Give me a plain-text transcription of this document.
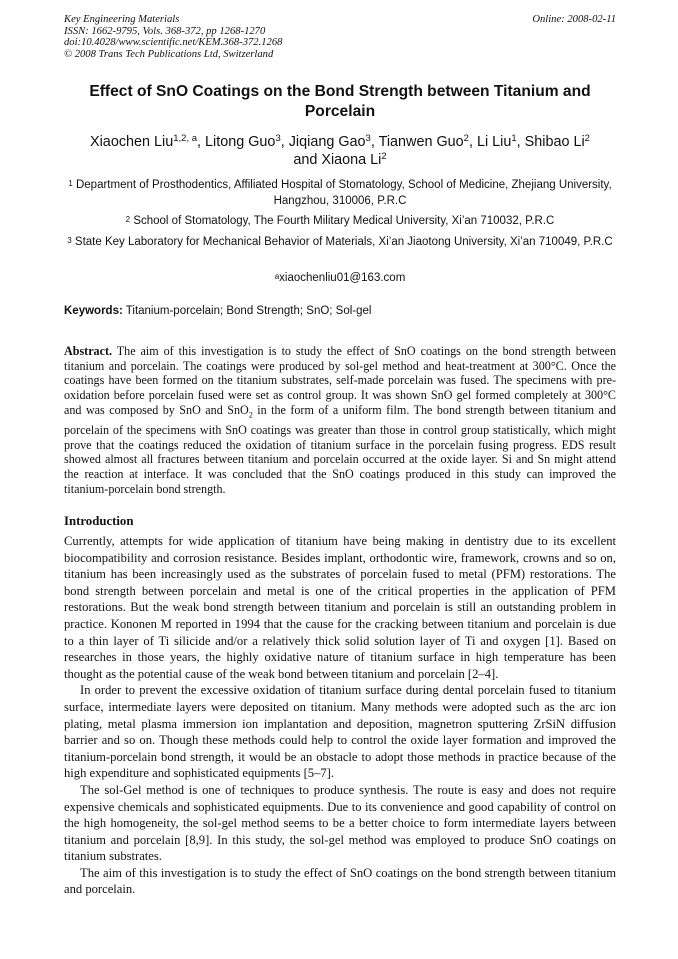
Key Engineering Materials
ISSN: 1662-9795, Vols. 368-372, pp 1268-1270
doi:10.4028/www.scientific.net/KEM.368-372.1268
© 2008 Trans Tech Publications Ltd, Switzerland
Online: 2008-02-11
Effect of SnO Coatings on the Bond Strength between Titanium and Porcelain
Xiaochen Liu$^{1,2, a}$, Litong Guo$^3$, Jiqiang Gao$^3$, Tianwen Guo$^2$, Li Liu$^1$, Shibao Li$^2$
and Xiaona Li$^2$
$^1$ Department of Prosthodentics, Affiliated Hospital of Stomatology, School of Medicine, Zhejiang University, Hangzhou, 310006, P.R.C
$^2$ School of Stomatology, The Fourth Military Medical University, Xi’an 710032, P.R.C
$^3$ State Key Laboratory for Mechanical Behavior of Materials, Xi’an Jiaotong University, Xi’an 710049, P.R.C
$^a$xiaochenliu01@163.com
Keywords: Titanium-porcelain; Bond Strength; SnO; Sol-gel

Abstract. The aim of this investigation is to study the effect of SnO coatings on the bond strength between titanium and porcelain. The coatings were produced by sol-gel method and heat-treatment at 300°C. Once the coatings have been formed on the titanium substrates, self-made porcelain was fused. The specimens with pre-oxidation before porcelain fused were set as control group. It was shown SnO gel formed completely at 300°C and was composed by SnO and SnO$_2$ in the form of a uniform film. The bond strength between titanium and porcelain of the specimens with SnO coatings was greater than those in control group statistically, which might prove that the coatings reduced the oxidation of titanium surface in the porcelain fusing progress. EDS result showed almost all fractures between titanium and porcelain occurred at the oxide layer. Si and Sn might attend the reaction at interface. It was concluded that the SnO coatings produced in this study can improved the titanium-porcelain bond strength.

Introduction

Currently, attempts for wide application of titanium have being making in dentistry due to its excellent biocompatibility and corrosion resistance. Besides implant, orthodontic wire, framework, crowns and so on, titanium has been increasingly used as the substrates of porcelain fused to metal (PFM) restorations. The bond strength between porcelain and metal is one of the critical properties in the application of PFM restorations. But the weak bond strength between titanium and porcelain is still an outstanding problem in practice. Kononen M reported in 1994 that the cause for the cracking between titanium and porcelain is due to a thin layer of Ti silicide and/or a relatively thick solid solution layer of Ti and oxygen [1]. Based on researches in those years, the highly oxidative nature of titanium surface in high temperature has been thought as the potential cause of the weak bond between titanium and porcelain [2–4].

In order to prevent the excessive oxidation of titanium surface during dental porcelain fused to titanium surface, intermediate layers were deposited on titanium. Many methods were adopted such as the arc ion plating, metal plasma immersion ion implantation and deposition, magnetron sputtering ZrSiN diffusion barrier and so on. Though these methods could help to control the oxide layer formation and improved the titanium-porcelain bond strength, it would be an obstacle to adopt those methods in practice because of the high expenditure and sophisticated equipments [5–7].

The sol-Gel method is one of techniques to produce synthesis. The route is easy and does not require expensive chemicals and sophisticated equipments. Due to its convenience and good capability of control on the high homogeneity, the sol-gel method seems to be a better choice to form intermediate layers between titanium and porcelain [8,9]. In this study, the sol-gel method was employed to produce SnO coatings on titanium substrates.

The aim of this investigation is to study the effect of SnO coatings on the bond strength between titanium and porcelain.
